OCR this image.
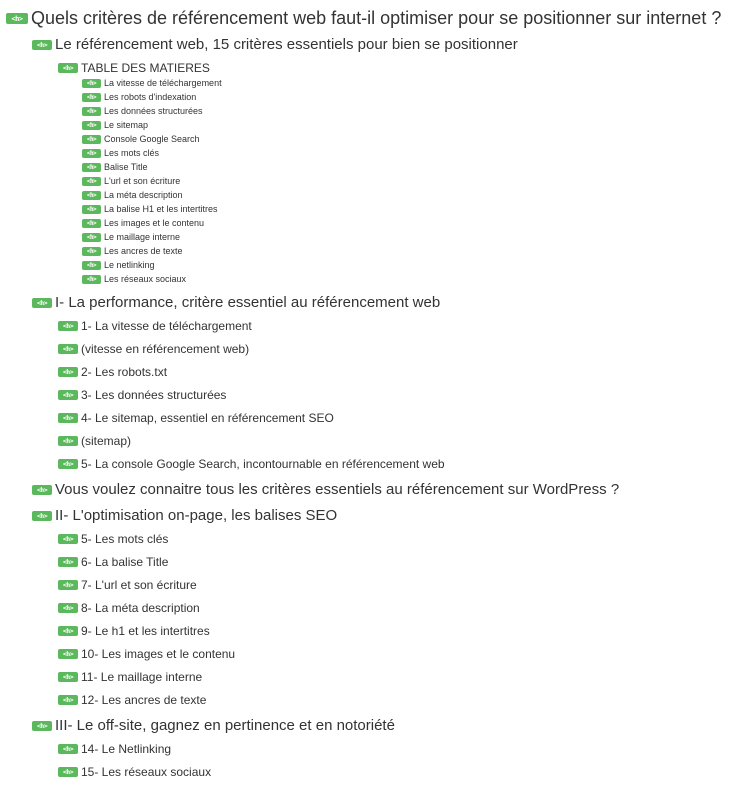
<h> Quels critères de référencement web faut-il optimiser pour se positionner sur internet ?
<h> Le référencement web, 15 critères essentiels pour bien se positionner
<h> TABLE DES MATIERES
<h> La vitesse de téléchargement
<h> Les robots d'indexation
<h> Les données structurées
<h> Le sitemap
<h> Console Google Search
<h> Les mots clés
<h> Balise Title
<h> L'url et son écriture
<h> La méta description
<h> La balise H1 et les intertitres
<h> Les images et le contenu
<h> Le maillage interne
<h> Les ancres de texte
<h> Le netlinking
<h> Les réseaux sociaux
<h> I- La performance, critère essentiel au référencement web
<h> 1- La vitesse de téléchargement
<h> (vitesse en référencement web)
<h> 2- Les robots.txt
<h> 3- Les données structurées
<h> 4- Le sitemap, essentiel en référencement SEO
<h> (sitemap)
<h> 5- La console Google Search, incontournable en référencement web
<h> Vous voulez connaitre tous les critères essentiels au référencement sur WordPress ?
<h> II- L'optimisation on-page, les balises SEO
<h> 5- Les mots clés
<h> 6- La balise Title
<h> 7- L'url et son écriture
<h> 8- La méta description
<h> 9- Le h1 et les intertitres
<h> 10- Les images et le contenu
<h> 11- Le maillage interne
<h> 12- Les ancres de texte
<h> III- Le off-site, gagnez en pertinence et en notoriété
<h> 14- Le Netlinking
<h> 15- Les réseaux sociaux
